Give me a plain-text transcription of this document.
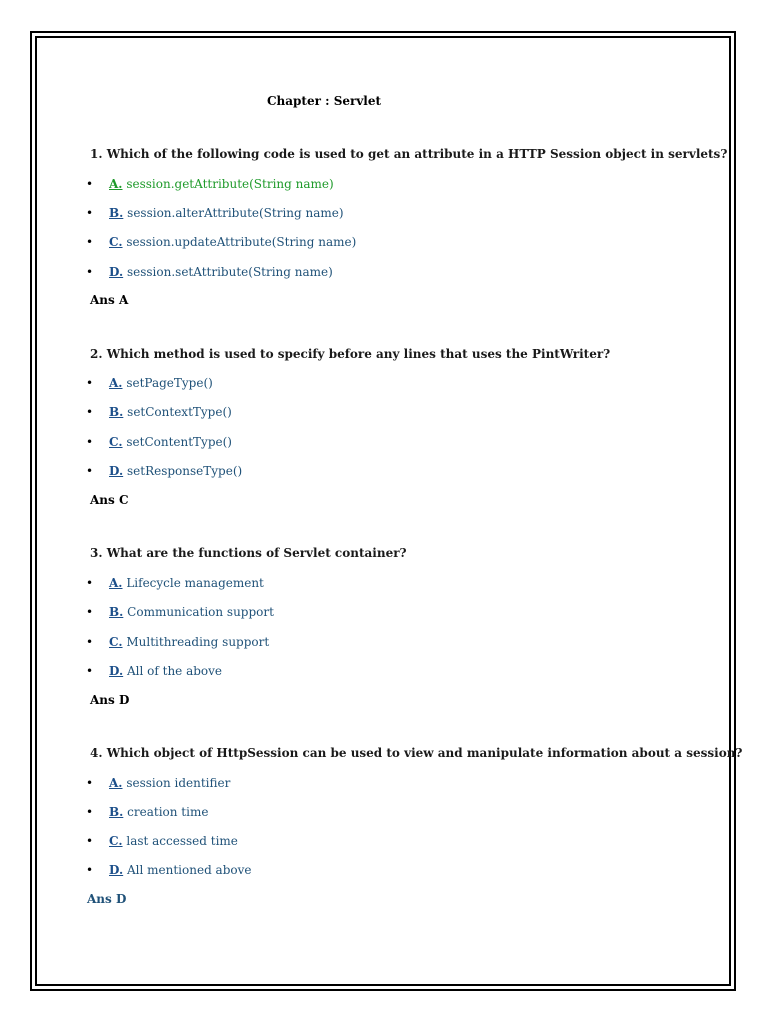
Chapter : Servlet
1. Which of the following code is used to get an attribute in a HTTP Session object in servlets?
• A. session.getAttribute(String name)
• B. session.alterAttribute(String name)
• C. session.updateAttribute(String name)
• D. session.setAttribute(String name)
Ans A
2. Which method is used to specify before any lines that uses the PintWriter?
• A. setPageType()
• B. setContextType()
• C. setContentType()
• D. setResponseType()
Ans C
3. What are the functions of Servlet container?
• A. Lifecycle management
• B. Communication support
• C. Multithreading support
• D. All of the above
Ans D
4. Which object of HttpSession can be used to view and manipulate information about a session?
• A. session identifier
• B. creation time
• C. last accessed time
• D. All mentioned above
Ans D
